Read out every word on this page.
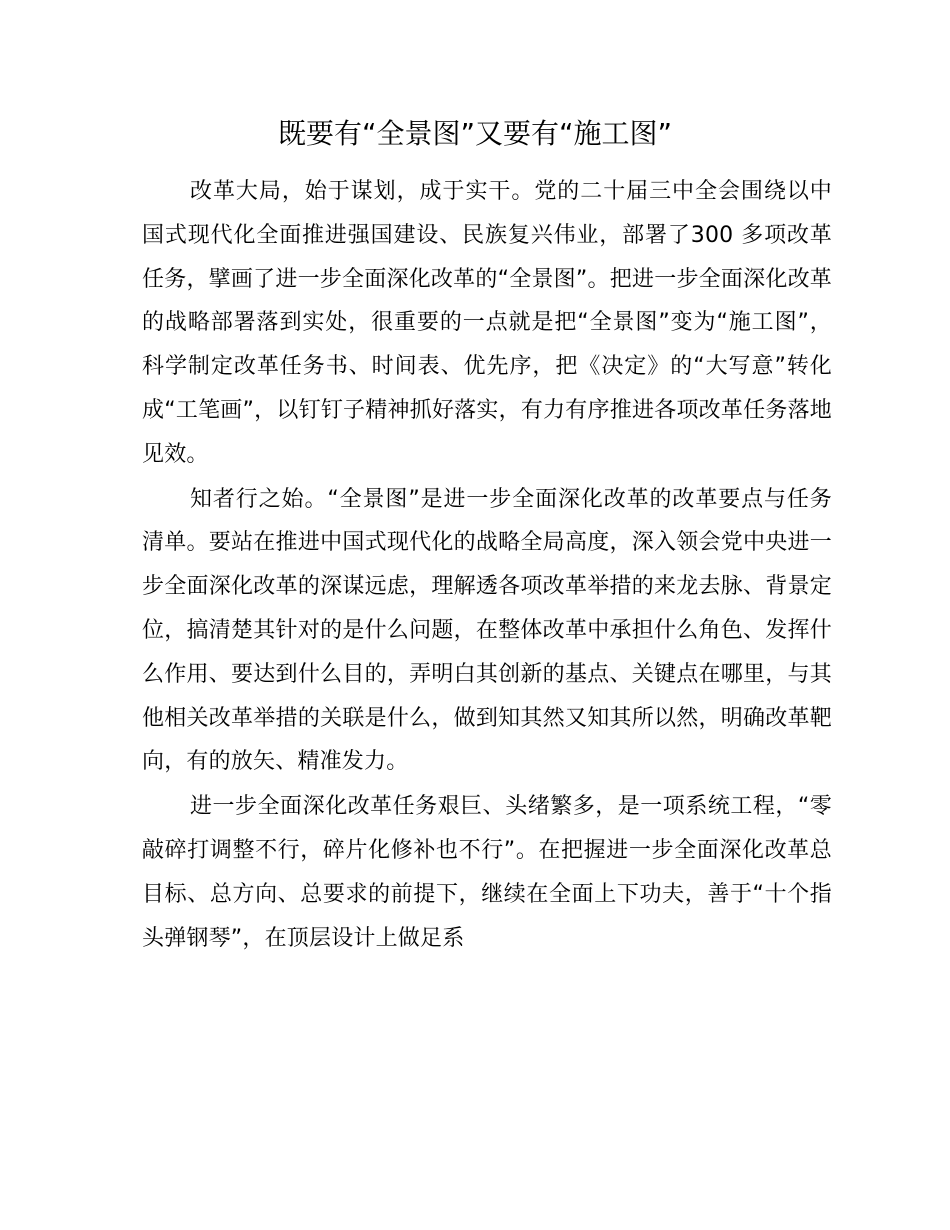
既要有“全景图”又要有“施工图”

改革大局，始于谋划，成于实干。党的二十届三中全会围绕以中国式现代化全面推进强国建设、民族复兴伟业，部署了300 多项改革任务，擘画了进一步全面深化改革的“全景图”。把进一步全面深化改革的战略部署落到实处，很重要的一点就是把“全景图”变为“施工图”，科学制定改革任务书、时间表、优先序，把《决定》的“大写意”转化成“工笔画”，以钉钉子精神抓好落实，有力有序推进各项改革任务落地见效。

知者行之始。“全景图”是进一步全面深化改革的改革要点与任务清单。要站在推进中国式现代化的战略全局高度，深入领会党中央进一步全面深化改革的深谋远虑，理解透各项改革举措的来龙去脉、背景定位，搞清楚其针对的是什么问题，在整体改革中承担什么角色、发挥什么作用、要达到什么目的，弄明白其创新的基点、关键点在哪里，与其他相关改革举措的关联是什么，做到知其然又知其所以然，明确改革靶向，有的放矢、精准发力。

进一步全面深化改革任务艰巨、头绪繁多，是一项系统工程，“零敲碎打调整不行，碎片化修补也不行”。在把握进一步全面深化改革总目标、总方向、总要求的前提下，继续在全面上下功夫，善于“十个指头弹钢琴”，在顶层设计上做足系
